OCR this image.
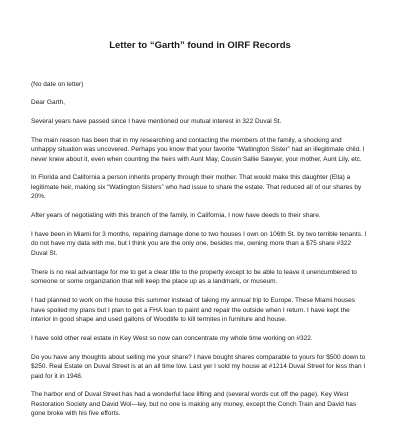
Letter to “Garth” found in OIRF Records

(No date on letter)

Dear Garth,

Several years have passed since I have mentioned our mutual interest in 322 Duval St.

The main reason has been that in my researching and contacting the members of the family, a shocking and unhappy situation was uncovered. Perhaps you know that your favorite “Watlington Sister” had an illegitimate child. I never knew about it, even when counting the heirs with Aunt May, Cousin Sallie Sawyer, your mother, Aunt Lily, etc.

In Florida and California a person inherits property through their mother. That would make this daughter (Ella) a legitimate heir, making six “Watlington Sisters” who had issue to share the estate. That reduced all of our shares by 20%.

After years of negotiating with this branch of the family, in California, I now have deeds to their share.

I have been in Miami for 3 months, repairing damage done to two houses I own on 106th St. by two terrible tenants. I do not have my data with me, but I think you are the only one, besides me, owning more than a $75 share #322 Duval St.

There is no real advantage for me to get a clear title to the property except to be able to leave it unencumbered to someone or some organization that will keep the place up as a landmark, or museum.

I had planned to work on the house this summer instead of taking my annual trip to Europe. These Miami houses have spoiled my plans but I plan to get a FHA loan to paint and repair the outside when I return. I have kept the interior in good shape and used gallons of Woodlife to kill termites in furniture and house.

I have sold other real estate in Key West so now can concentrate my whole time working on #322.

Do you have any thoughts about selling me your share? I have bought shares comparable to yours for $500 down to $250. Real Estate on Duval Street is at an all time low. Last yer I sold my house at #1214 Duval Street for less than I paid for it in 1948.

The harbor end of Duval Street has had a wonderful face lifting and (several words cut off the page). Key West Restoration Society and David Wol—ley, but no one is making any money, except the Conch Train and David has gone broke with his five efforts.
